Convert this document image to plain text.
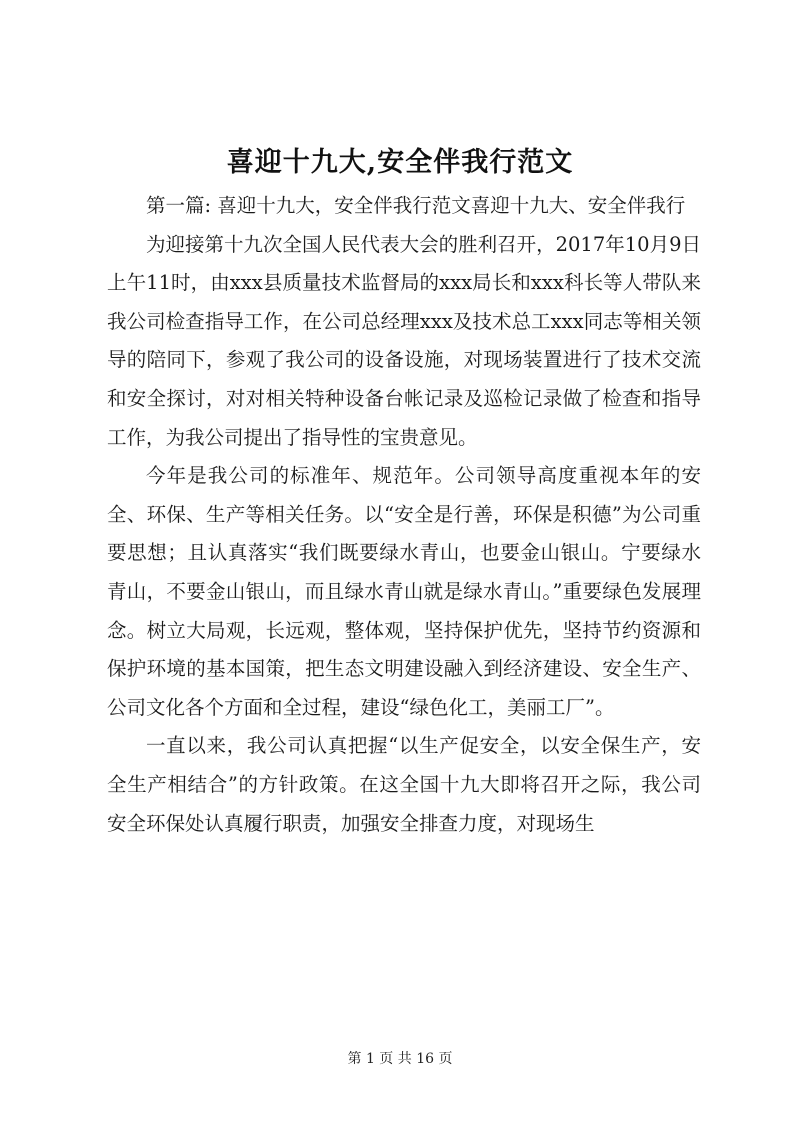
喜迎十九大,安全伴我行范文

第一篇: 喜迎十九大，安全伴我行范文喜迎十九大、安全伴我行

为迎接第十九次全国人民代表大会的胜利召开，2017年10月9日上午11时，由xxx县质量技术监督局的xxx局长和xxx科长等人带队来我公司检查指导工作，在公司总经理xxx及技术总工xxx同志等相关领导的陪同下，参观了我公司的设备设施，对现场装置进行了技术交流和安全探讨，对对相关特种设备台帐记录及巡检记录做了检查和指导工作，为我公司提出了指导性的宝贵意见。

今年是我公司的标准年、规范年。公司领导高度重视本年的安全、环保、生产等相关任务。以“安全是行善，环保是积德”为公司重要思想；且认真落实“我们既要绿水青山，也要金山银山。宁要绿水青山，不要金山银山，而且绿水青山就是绿水青山。”重要绿色发展理念。树立大局观，长远观，整体观，坚持保护优先，坚持节约资源和保护环境的基本国策，把生态文明建设融入到经济建设、安全生产、公司文化各个方面和全过程，建设“绿色化工，美丽工厂”。

一直以来，我公司认真把握“以生产促安全，以安全保生产，安全生产相结合”的方针政策。在这全国十九大即将召开之际，我公司安全环保处认真履行职责，加强安全排查力度，对现场生

第 1 页 共 16 页
